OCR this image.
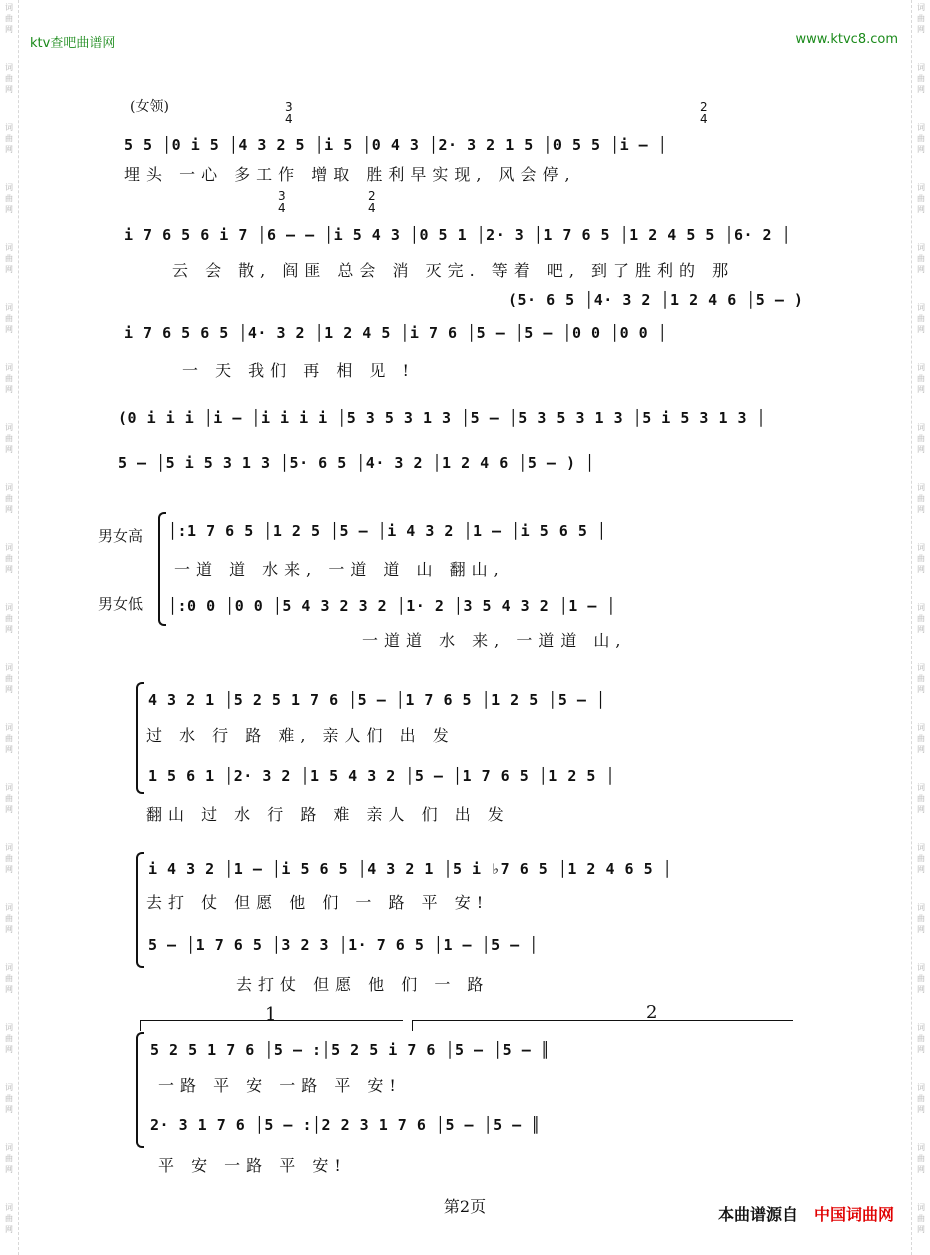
ktv查吧曲谱网	www.ktvc8.com
(女领)	3
4
2
4
3
4
2
4
5 5 │0 i 5 │4 3 2 5 │i 5 │0 4 3 │2· 3 2 1 5 │0 5 5 │i – │
埋头 一心 多工作 增取 胜利早实现, 风会停,
i 7 6 5 6 i 7 │6 – – │i 5 4 3 │0 5 1 │2· 3 │1 7 6 5 │1 2 4 5 5 │6· 2 │
云 会 散, 阎匪 总会 消 灭完. 等着 吧, 到了胜利的 那
(5· 6 5 │4· 3 2 │1 2 4 6 │5 – )
i 7 6 5 6 5 │4· 3 2 │1 2 4 5 │i 7 6 │5 – │5 – │0 0 │0 0 │
一 天 我们 再 相 见 !
(0 i i i │i – │i i i i │5 3 5 3 1 3 │5 – │5 3 5 3 1 3 │5 i 5 3 1 3 │
5 – │5 i 5 3 1 3 │5· 6 5 │4· 3 2 │1 2 4 6 │5 – ) │
男女高
男女低
│:1 7 6 5 │1 2 5 │5 – │i 4 3 2 │1 – │i 5 6 5 │
一道 道 水来, 一道 道 山 翻山,
│:0 0 │0 0 │5 4 3 2 3 2 │1· 2 │3 5 4 3 2 │1 – │
一道道 水 来, 一道道 山,
4 3 2 1 │5 2 5 1 7 6 │5 – │1 7 6 5 │1 2 5 │5 – │
过 水 行 路 难, 亲人们 出 发
1 5 6 1 │2· 3 2 │1 5 4 3 2 │5 – │1 7 6 5 │1 2 5 │
翻山 过 水 行 路 难 亲人 们 出 发
i 4 3 2 │1 – │i 5 6 5 │4 3 2 1 │5 i ♭7 6 5 │1 2 4 6 5 │
去打 仗 但愿 他 们 一 路 平 安!
5 – │1 7 6 5 │3 2 3 │1· 7 6 5 │1 – │5 – │
去打仗 但愿 他 们 一 路
1	2
5 2 5 1 7 6 │5 – :│5 2 5 i 7 6 │5 – │5 – ║
一路 平 安 一路 平 安!
2· 3 1 7 6 │5 – :│2 2 3 1 7 6 │5 – │5 – ║
平 安 一路 平 安!
第2页	本曲谱源自 中国词曲网
词
曲
网
词
曲
网
词
曲
网
词
曲
网
词
曲
网
词
曲
网
词
曲
网
词
曲
网
词
曲
网
词
曲
网
词
曲
网
词
曲
网
词
曲
网
词
曲
网
词
曲
网
词
曲
网
词
曲
网
词
曲
网
词
曲
网
词
曲
网
词
曲
网
词
曲
网
词
曲
网
词
曲
网
词
曲
网
词
曲
网
词
曲
网
词
曲
网
词
曲
网
词
曲
网
词
曲
网
词
曲
网
词
曲
网
词
曲
网
词
曲
网
词
曲
网
词
曲
网
词
曲
网
词
曲
网
词
曲
网
词
曲
网
词
曲
网
